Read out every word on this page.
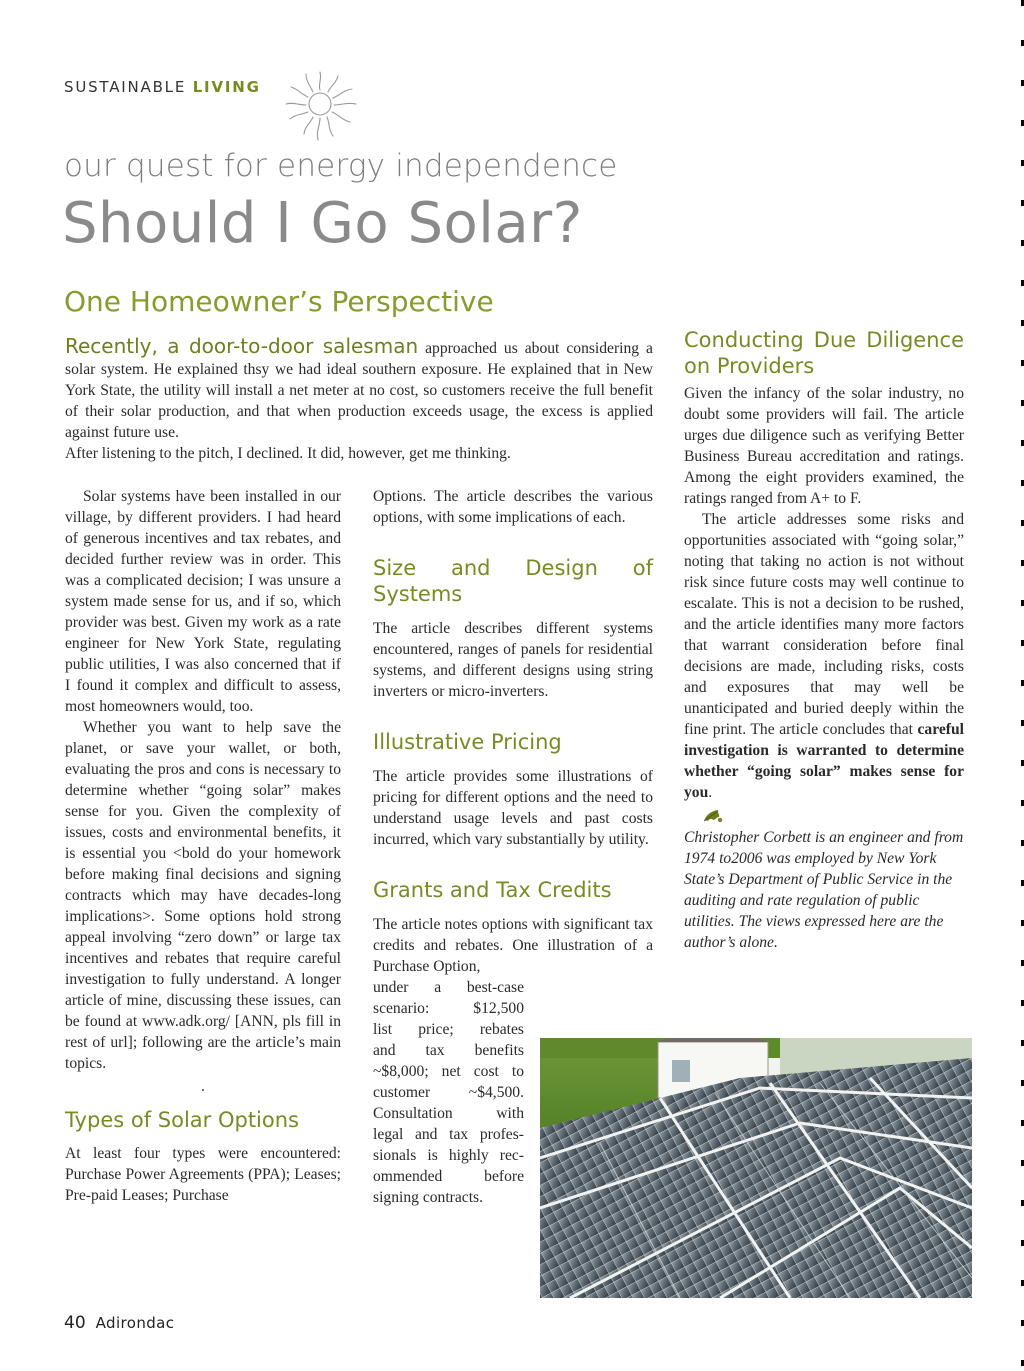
SUSTAINABLE LIVING
our quest for energy independence
Should I Go Solar?
One Homeowner’s Perspective

Recently, a door-to-door salesman approached us about considering a solar system. He explained thsy we had ideal southern exposure. He explained that in New York State, the utility will install a net meter at no cost, so customers receive the full benefit of their solar production, and that when production exceeds usage, the excess is applied against future use.

After listening to the pitch, I declined. It did, however, get me thinking.

Solar systems have been installed in our village, by different providers. I had heard of generous incentives and tax rebates, and decided further review was in order. This was a complicated decision; I was unsure a system made sense for us, and if so, which provider was best. Given my work as a rate engineer for New York State, regulating public utilities, I was also concerned that if I found it complex and difficult to assess, most homeowners would, too.

Whether you want to help save the planet, or save your wallet, or both, evaluating the pros and cons is necessary to determine whether “going solar” makes sense for you. Given the complexity of issues, costs and environmental benefits, it is essential you <bold do your homework before making final decisions and signing contracts which may have decades-long implications>. Some options hold strong appeal involving “zero down” or large tax incentives and rebates that require careful investigation to fully understand. A longer article of mine, discussing these issues, can be found at www.adk.org/ [ANN, pls fill in rest of url]; following are the article’s main topics.

.

Types of Solar Options

At least four types were encountered: Purchase Power Agreements (PPA); Leases; Pre-paid Leases; Purchase

Options. The article describes the various options, with some implications of each.

Size and Design of Systems

The article describes different systems encountered, ranges of panels for residential systems, and different designs using string inverters or micro-inverters.

Illustrative Pricing

The article provides some illustrations of pricing for different options and the need to understand usage levels and past costs incurred, which vary substantially by utility.

Grants and Tax Credits

The article notes options with significant tax credits and rebates. One illustration of a Purchase Option,

under a best-case
scenario: $12,500
list price; rebates
and tax benefits
~$8,000; net cost to
customer ~$4,500.
Consultation with
legal and tax profes-
sionals is highly rec-
ommended before
signing contracts.
Conducting Due Diligence on Providers

Given the infancy of the solar industry, no doubt some providers will fail. The article urges due diligence such as verifying Better Business Bureau accreditation and ratings. Among the eight providers examined, the ratings ranged from A+ to F.

The article addresses some risks and opportunities associated with “going solar,” noting that taking no action is not without risk since future costs may well continue to escalate. This is not a decision to be rushed, and the article identifies many more factors that warrant consideration before final decisions are made, including risks, costs and exposures that may well be unanticipated and buried deeply within the fine print. The article concludes that careful investigation is warranted to determine whether “going solar” makes sense for you.

Christopher Corbett is an engineer and from 1974 to2006 was employed by New York State’s Department of Public Service in the auditing and rate regulation of public utilities. The views expressed here are the author’s alone.

40 Adirondac
